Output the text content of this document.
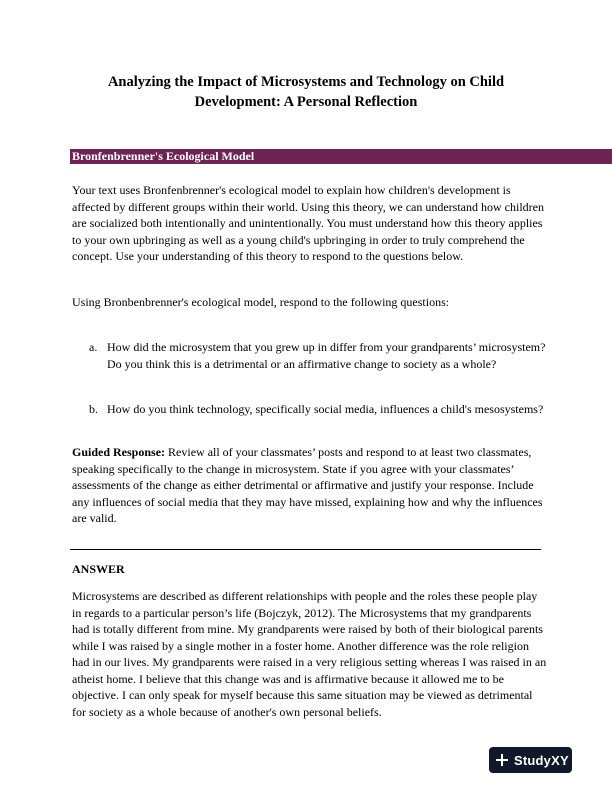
Analyzing the Impact of Microsystems and Technology on Child
Development: A Personal Reflection
Bronfenbrenner's Ecological Model

Your text uses Bronfenbrenner's ecological model to explain how children's development is affected by different groups within their world. Using this theory, we can understand how children are socialized both intentionally and unintentionally. You must understand how this theory applies to your own upbringing as well as a young child's upbringing in order to truly comprehend the concept. Use your understanding of this theory to respond to the questions below.

Using Bronbenbrenner's ecological model, respond to the following questions:

a. How did the microsystem that you grew up in differ from your grandparents’ microsystem? Do you think this is a detrimental or an affirmative change to society as a whole?
b. How do you think technology, specifically social media, influences a child's mesosystems?

Guided Response: Review all of your classmates’ posts and respond to at least two classmates, speaking specifically to the change in microsystem. State if you agree with your classmates’ assessments of the change as either detrimental or affirmative and justify your response. Include any influences of social media that they may have missed, explaining how and why the influences are valid.

ANSWER

Microsystems are described as different relationships with people and the roles these people play in regards to a particular person’s life (Bojczyk, 2012). The Microsystems that my grandparents had is totally different from mine. My grandparents were raised by both of their biological parents while I was raised by a single mother in a foster home. Another difference was the role religion had in our lives. My grandparents were raised in a very religious setting whereas I was raised in an atheist home. I believe that this change was and is affirmative because it allowed me to be objective. I can only speak for myself because this same situation may be viewed as detrimental for society as a whole because of another's own personal beliefs.

StudyXY
